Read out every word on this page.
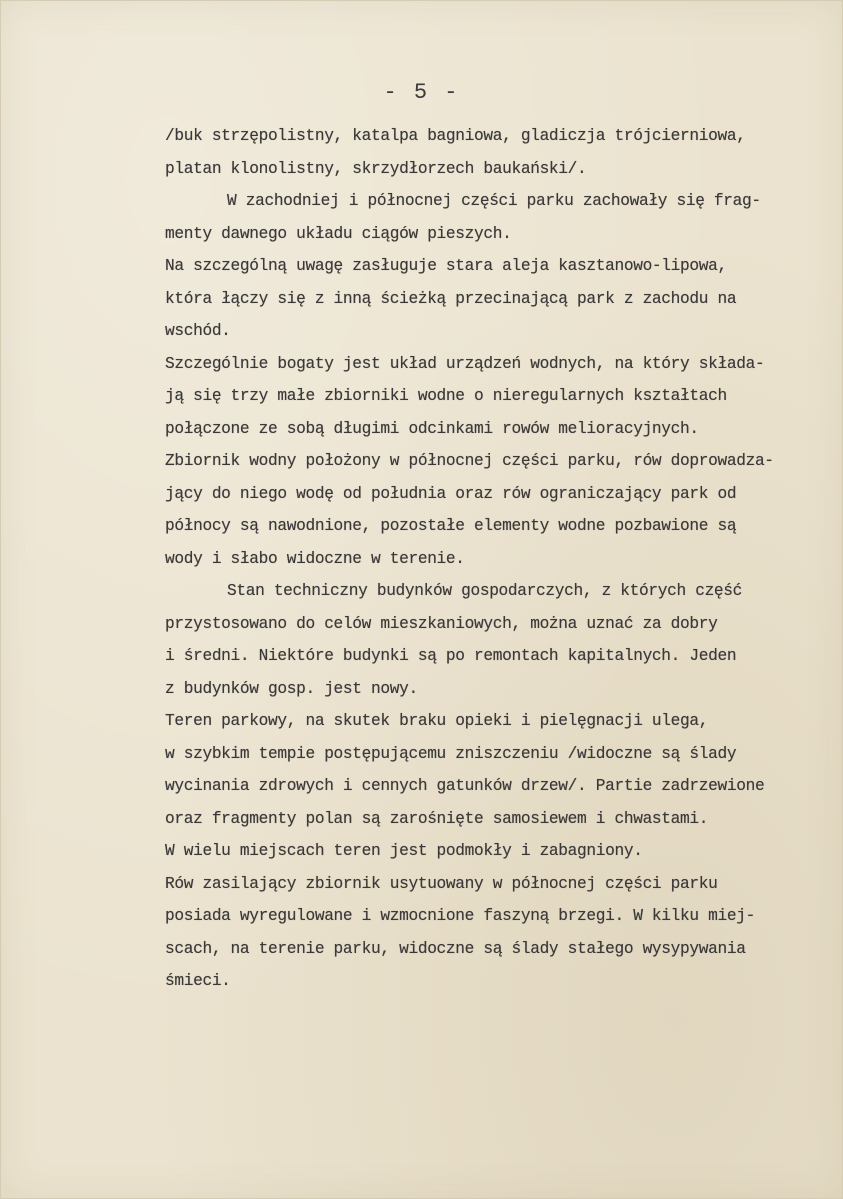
- 5 -
/buk strzępolistny, katalpa bagniowa, gladiczja trójcierniowa,
platan klonolistny, skrzydłorzech baukański/.
W zachodniej i północnej części parku zachowały się frag-
menty dawnego układu ciągów pieszych.
Na szczególną uwagę zasługuje stara aleja kasztanowo-lipowa,
która łączy się z inną ścieżką przecinającą park z zachodu na
wschód.
Szczególnie bogaty jest układ urządzeń wodnych, na który składa-
ją się trzy małe zbiorniki wodne o nieregularnych kształtach
połączone ze sobą długimi odcinkami rowów melioracyjnych.
Zbiornik wodny położony w północnej części parku, rów doprowadza-
jący do niego wodę od południa oraz rów ograniczający park od
północy są nawodnione, pozostałe elementy wodne pozbawione są
wody i słabo widoczne w terenie.
Stan techniczny budynków gospodarczych, z których część
przystosowano do celów mieszkaniowych, można uznać za dobry
i średni. Niektóre budynki są po remontach kapitalnych. Jeden
z budynków gosp. jest nowy.
Teren parkowy, na skutek braku opieki i pielęgnacji ulega,
w szybkim tempie postępującemu zniszczeniu /widoczne są ślady
wycinania zdrowych i cennych gatunków drzew/. Partie zadrzewione
oraz fragmenty polan są zarośnięte samosiewem i chwastami.
W wielu miejscach teren jest podmokły i zabagniony.
Rów zasilający zbiornik usytuowany w północnej części parku
posiada wyregulowane i wzmocnione faszyną brzegi. W kilku miej-
scach, na terenie parku, widoczne są ślady stałego wysypywania
śmieci.
